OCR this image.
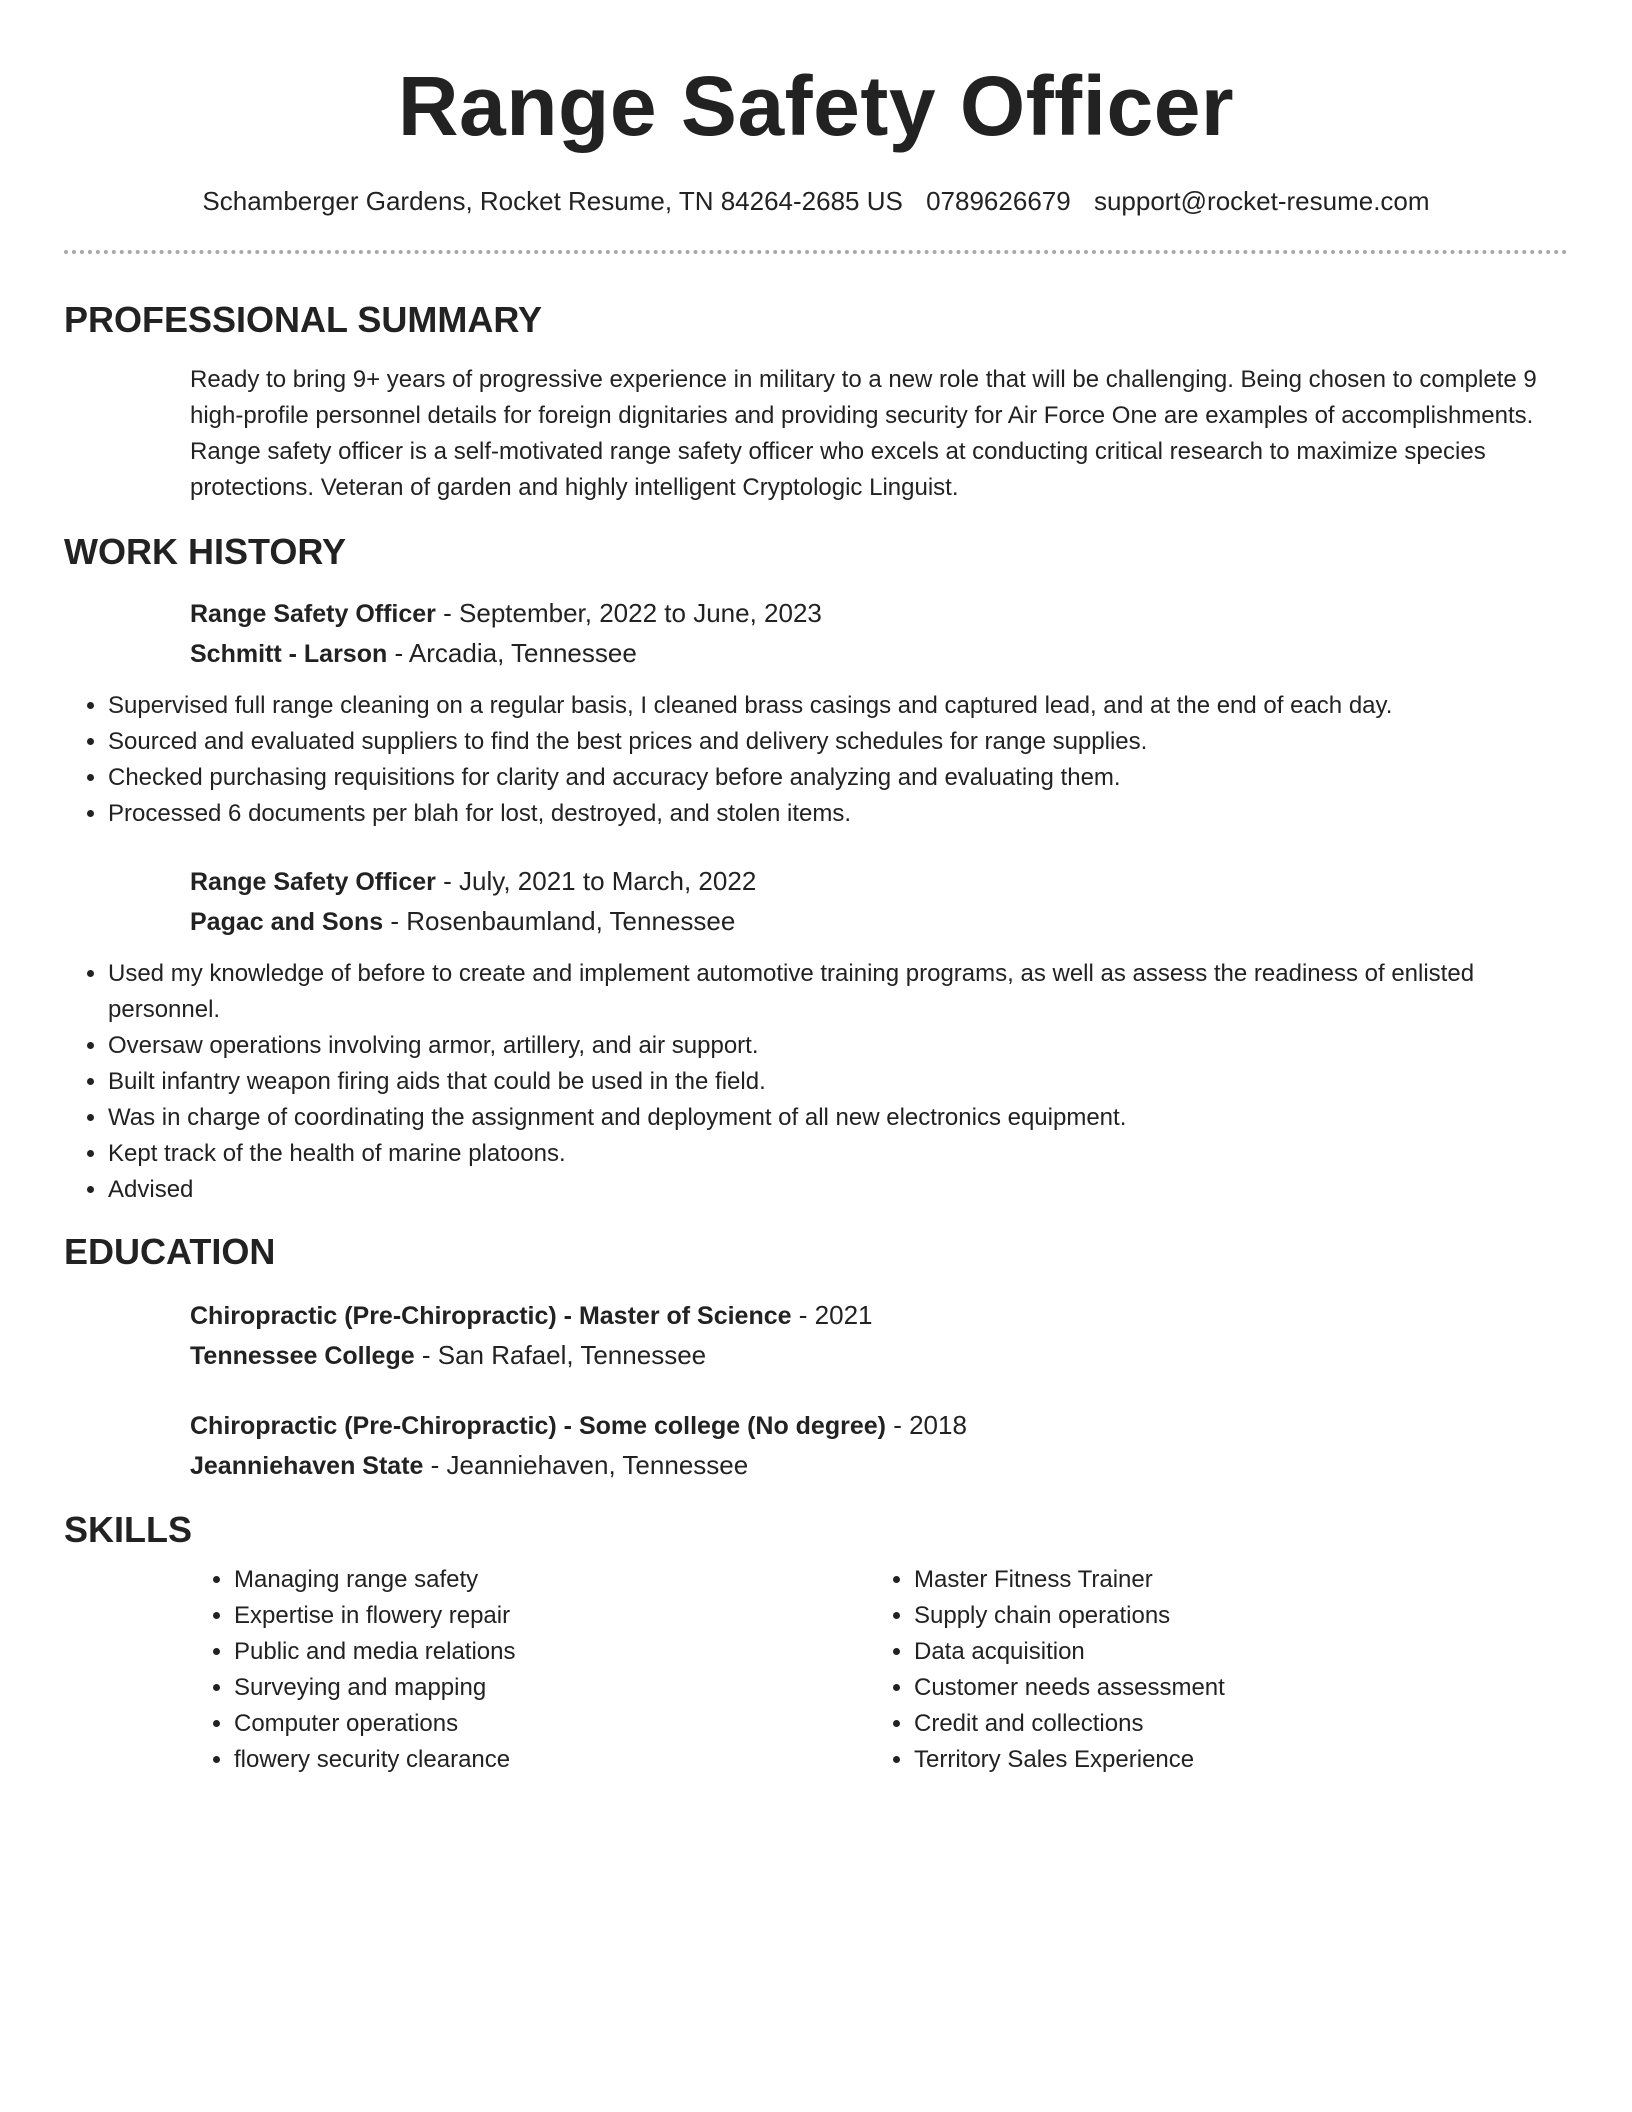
Range Safety Officer
Schamberger Gardens, Rocket Resume, TN 84264-2685 US 0789626679 support@rocket-resume.com
PROFESSIONAL SUMMARY
Ready to bring 9+ years of progressive experience in military to a new role that will be challenging. Being chosen to complete 9 high-profile personnel details for foreign dignitaries and providing security for Air Force One are examples of accomplishments. Range safety officer is a self-motivated range safety officer who excels at conducting critical research to maximize species protections. Veteran of garden and highly intelligent Cryptologic Linguist.
WORK HISTORY
Range Safety Officer - September, 2022 to June, 2023
Schmitt - Larson - Arcadia, Tennessee
• Supervised full range cleaning on a regular basis, I cleaned brass casings and captured lead, and at the end of each day.
• Sourced and evaluated suppliers to find the best prices and delivery schedules for range supplies.
• Checked purchasing requisitions for clarity and accuracy before analyzing and evaluating them.
• Processed 6 documents per blah for lost, destroyed, and stolen items.
Range Safety Officer - July, 2021 to March, 2022
Pagac and Sons - Rosenbaumland, Tennessee
• Used my knowledge of before to create and implement automotive training programs, as well as assess the readiness of enlisted personnel.
• Oversaw operations involving armor, artillery, and air support.
• Built infantry weapon firing aids that could be used in the field.
• Was in charge of coordinating the assignment and deployment of all new electronics equipment.
• Kept track of the health of marine platoons.
• Advised
EDUCATION
Chiropractic (Pre-Chiropractic) - Master of Science - 2021
Tennessee College - San Rafael, Tennessee
Chiropractic (Pre-Chiropractic) - Some college (No degree) - 2018
Jeanniehaven State - Jeanniehaven, Tennessee
SKILLS
• Managing range safety
• Expertise in flowery repair
• Public and media relations
• Surveying and mapping
• Computer operations
• flowery security clearance
• Master Fitness Trainer
• Supply chain operations
• Data acquisition
• Customer needs assessment
• Credit and collections
• Territory Sales Experience
